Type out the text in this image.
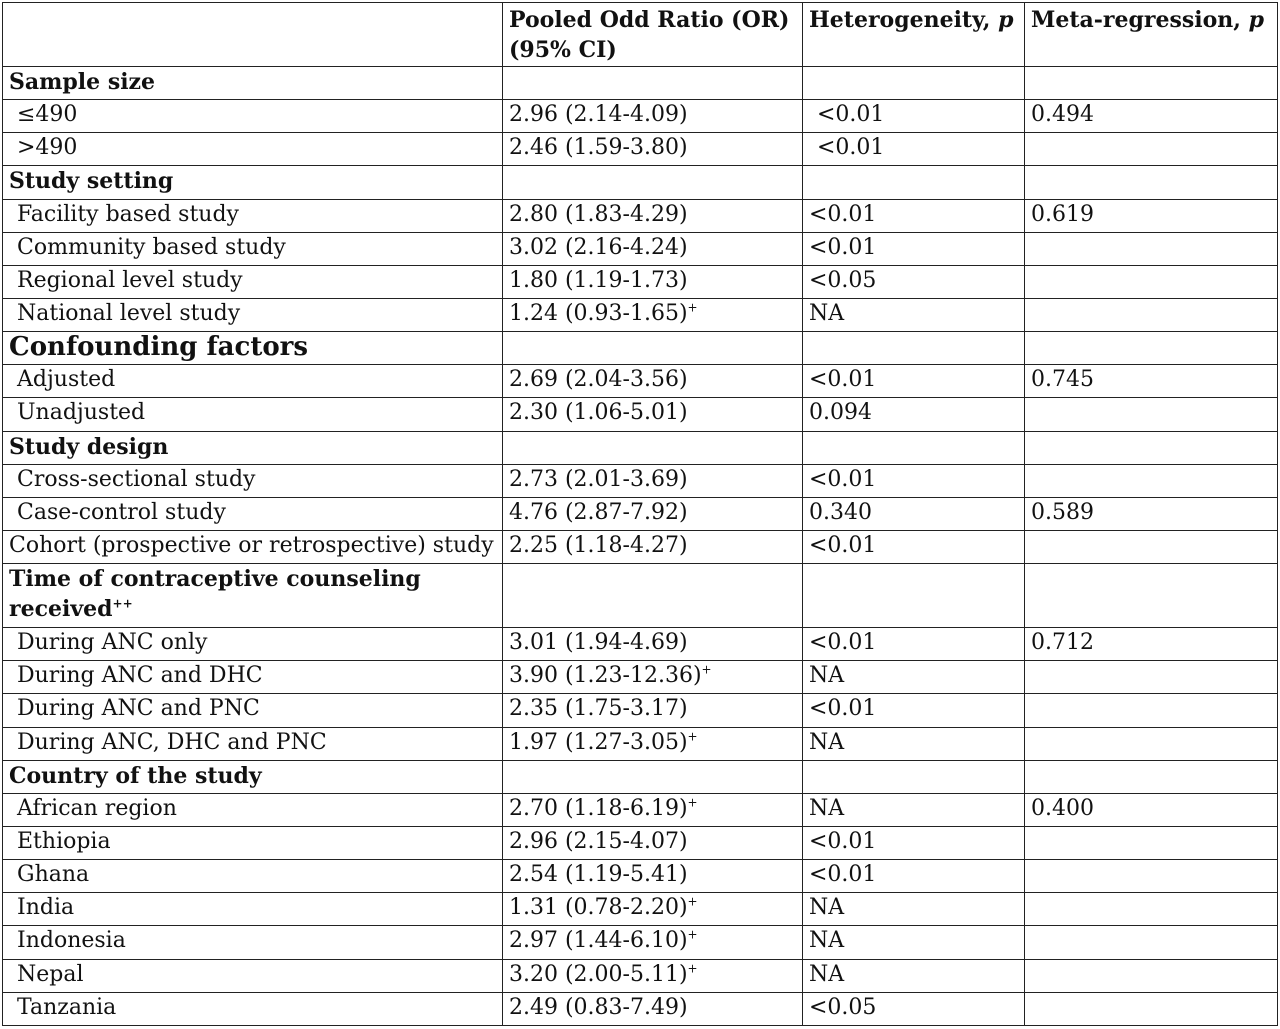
	Pooled Odd Ratio (OR) (95% CI)	Heterogeneity, p	Meta-regression, p
Sample size			
≤490	2.96 (2.14-4.09)	<0.01	0.494
>490	2.46 (1.59-3.80)	<0.01	
Study setting			
Facility based study	2.80 (1.83-4.29)	<0.01	0.619
Community based study	3.02 (2.16-4.24)	<0.01	
Regional level study	1.80 (1.19-1.73)	<0.05	
National level study	1.24 (0.93-1.65)+	NA	
Confounding factors			
Adjusted	2.69 (2.04-3.56)	<0.01	0.745
Unadjusted	2.30 (1.06-5.01)	0.094	
Study design			
Cross-sectional study	2.73 (2.01-3.69)	<0.01	
Case-control study	4.76 (2.87-7.92)	0.340	0.589
Cohort (prospective or retrospective) study	2.25 (1.18-4.27)	<0.01	
Time of contraceptive counseling received++			
During ANC only	3.01 (1.94-4.69)	<0.01	0.712
During ANC and DHC	3.90 (1.23-12.36)+	NA	
During ANC and PNC	2.35 (1.75-3.17)	<0.01	
During ANC, DHC and PNC	1.97 (1.27-3.05)+	NA	
Country of the study			
African region	2.70 (1.18-6.19)+	NA	0.400
Ethiopia	2.96 (2.15-4.07)	<0.01	
Ghana	2.54 (1.19-5.41)	<0.01	
India	1.31 (0.78-2.20)+	NA	
Indonesia	2.97 (1.44-6.10)+	NA	
Nepal	3.20 (2.00-5.11)+	NA	
Tanzania	2.49 (0.83-7.49)	<0.05	
